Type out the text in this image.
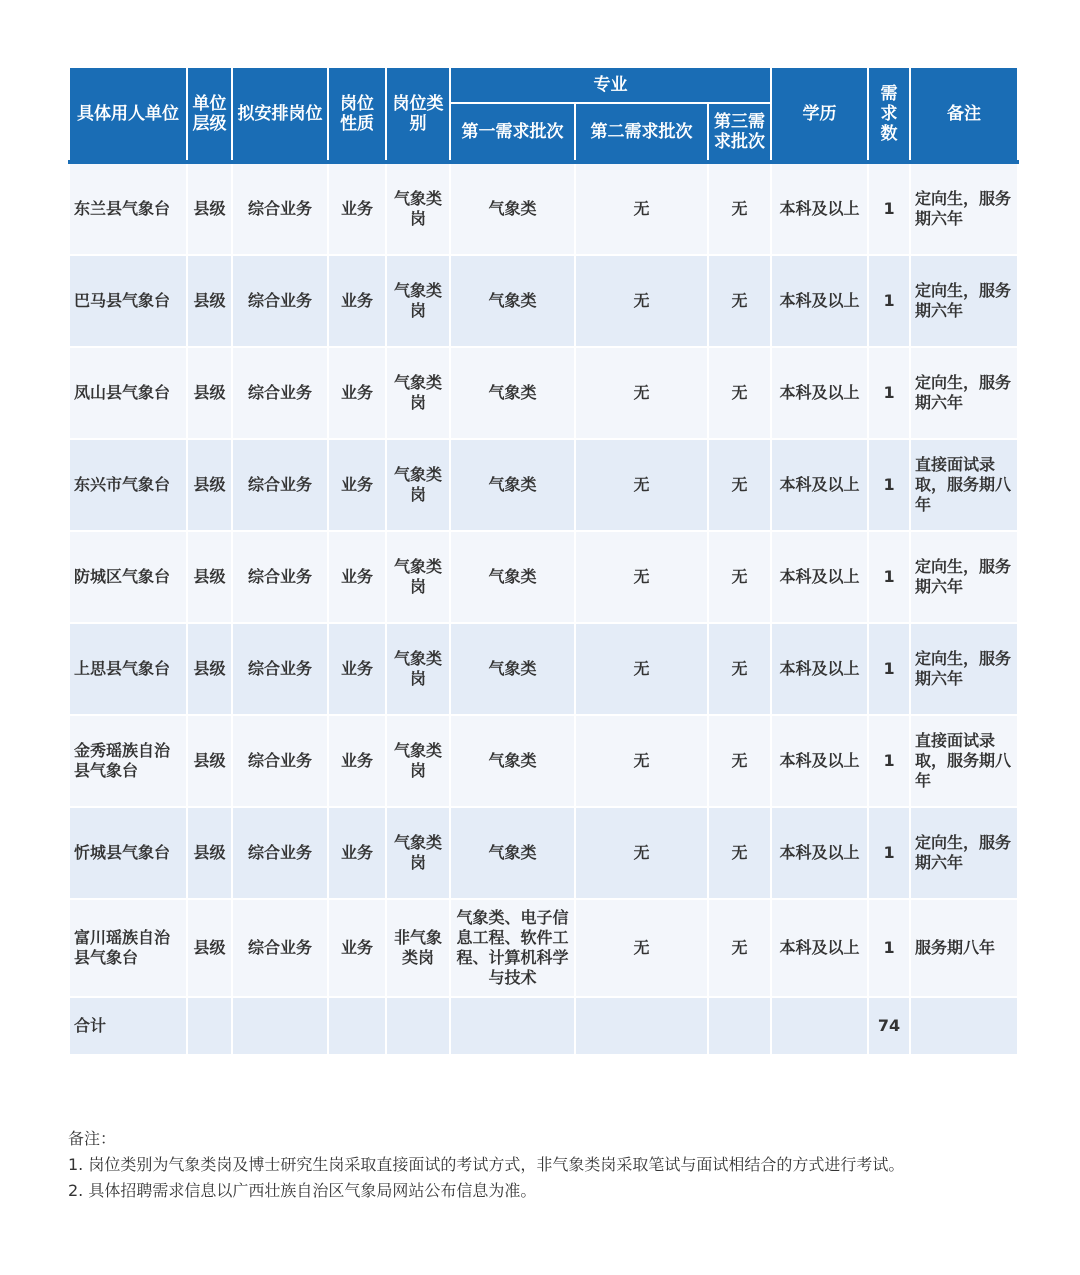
具体用人单位	单位层级	拟安排岗位	岗位性质	岗位类别	专业			学历	需求数	备注
					第一需求批次	第二需求批次	第三需求批次			
东兰县气象台	县级	综合业务	业务	气象类岗	气象类	无	无	本科及以上	1	定向生，服务期六年
巴马县气象台	县级	综合业务	业务	气象类岗	气象类	无	无	本科及以上	1	定向生，服务期六年
凤山县气象台	县级	综合业务	业务	气象类岗	气象类	无	无	本科及以上	1	定向生，服务期六年
东兴市气象台	县级	综合业务	业务	气象类岗	气象类	无	无	本科及以上	1	直接面试录取，服务期八年
防城区气象台	县级	综合业务	业务	气象类岗	气象类	无	无	本科及以上	1	定向生，服务期六年
上思县气象台	县级	综合业务	业务	气象类岗	气象类	无	无	本科及以上	1	定向生，服务期六年
金秀瑶族自治县气象台	县级	综合业务	业务	气象类岗	气象类	无	无	本科及以上	1	直接面试录取，服务期八年
忻城县气象台	县级	综合业务	业务	气象类岗	气象类	无	无	本科及以上	1	定向生，服务期六年
富川瑶族自治县气象台	县级	综合业务	业务	非气象类岗	气象类、电子信息工程、软件工程、计算机科学与技术	无	无	本科及以上	1	服务期八年
合计									74	
备注：
1. 岗位类别为气象类岗及博士研究生岗采取直接面试的考试方式，非气象类岗采取笔试与面试相结合的方式进行考试。
2. 具体招聘需求信息以广西壮族自治区气象局网站公布信息为准。
